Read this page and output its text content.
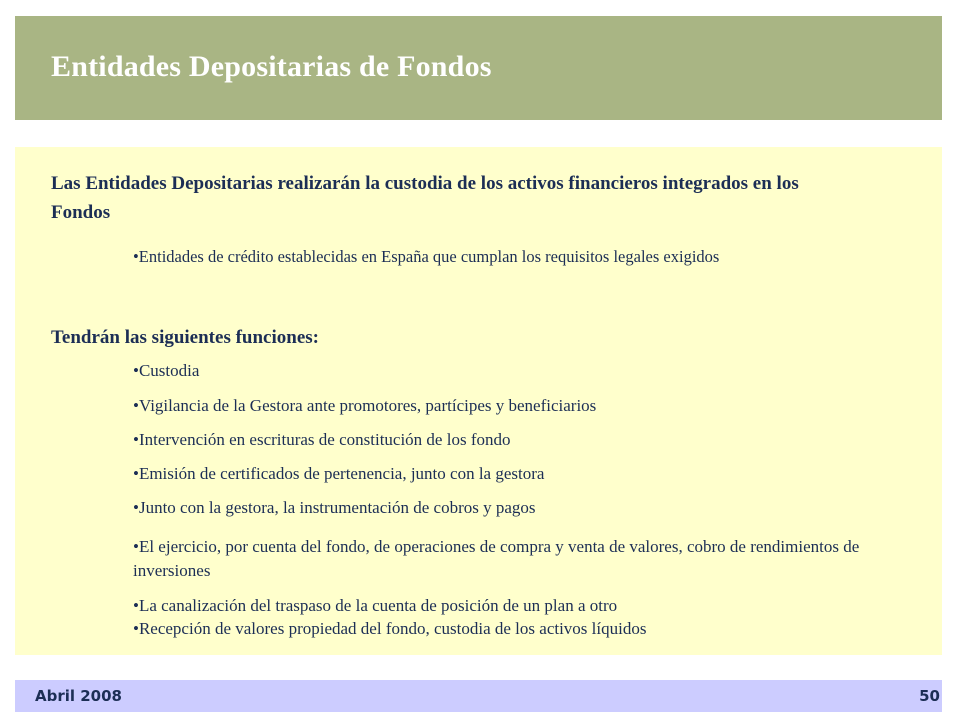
Entidades Depositarias de Fondos
Las Entidades Depositarias realizarán la custodia de los activos financieros integrados en los Fondos
•Entidades de crédito establecidas en España que cumplan los requisitos legales exigidos
Tendrán las siguientes funciones:
•Custodia
•Vigilancia de la Gestora ante promotores, partícipes y beneficiarios
•Intervención en escrituras de constitución de los fondo
•Emisión de certificados de pertenencia, junto con la gestora
•Junto con la gestora, la instrumentación de cobros y pagos
•El ejercicio, por cuenta del fondo, de operaciones de compra y venta de valores, cobro de rendimientos de inversiones
•La canalización del traspaso de la cuenta de posición de un plan a otro
•Recepción de valores propiedad del fondo, custodia de los activos líquidos
Abril 2008	50
